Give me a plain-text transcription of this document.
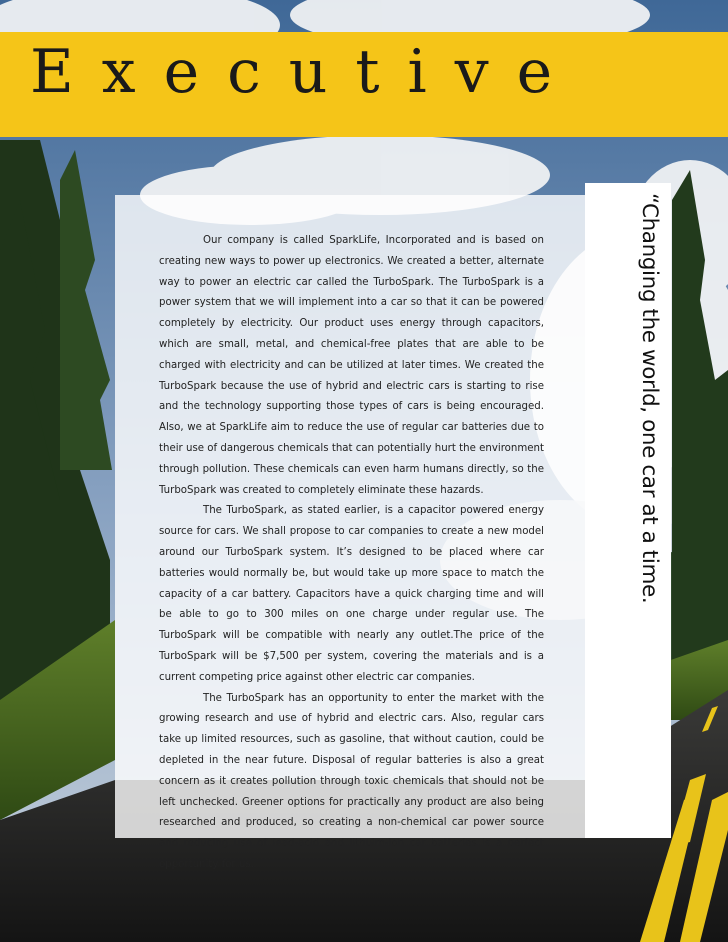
Executive

Our company is called SparkLife, Incorporated and is based on creating new ways to power up electronics. We created a better, alternate way to power an electric car called the TurboSpark. The TurboSpark is a power system that we will implement into a car so that it can be powered completely by electricity. Our product uses energy through capacitors, which are small, metal, and chemical-free plates that are able to be charged with electricity and can be utilized at later times. We created the TurboSpark because the use of hybrid and electric cars is starting to rise and the technology supporting those types of cars is being encouraged. Also, we at SparkLife aim to reduce the use of regular car batteries due to their use of dangerous chemicals that can potentially hurt the environment through pollution. These chemicals can even harm humans directly, so the TurboSpark was created to completely eliminate these hazards.

The TurboSpark, as stated earlier, is a capacitor powered energy source for cars. We shall propose to car companies to create a new model around our TurboSpark system. It’s designed to be placed where car batteries would normally be, but would take up more space to match the capacity of a car battery. Capacitors have a quick charging time and will be able to go to 300 miles on one charge under regular use. The TurboSpark will be compatible with nearly any outlet.The price of the TurboSpark will be $7,500 per system, covering the materials and is a current competing price against other electric car companies.

The TurboSpark has an opportunity to enter the market with the growing research and use of hybrid and electric cars. Also, regular cars take up limited resources, such as gasoline, that without caution, could be depleted in the near future. Disposal of regular batteries is also a great concern as it creates pollution through toxic chemicals that should not be left unchecked. Greener options for practically any product are also being researched and produced, so creating a non-chemical car power source and reducing use of lead-acid and lithuim-ion car batteries is a perfect opportunity for us.

“Changing the world, one car at a time.
